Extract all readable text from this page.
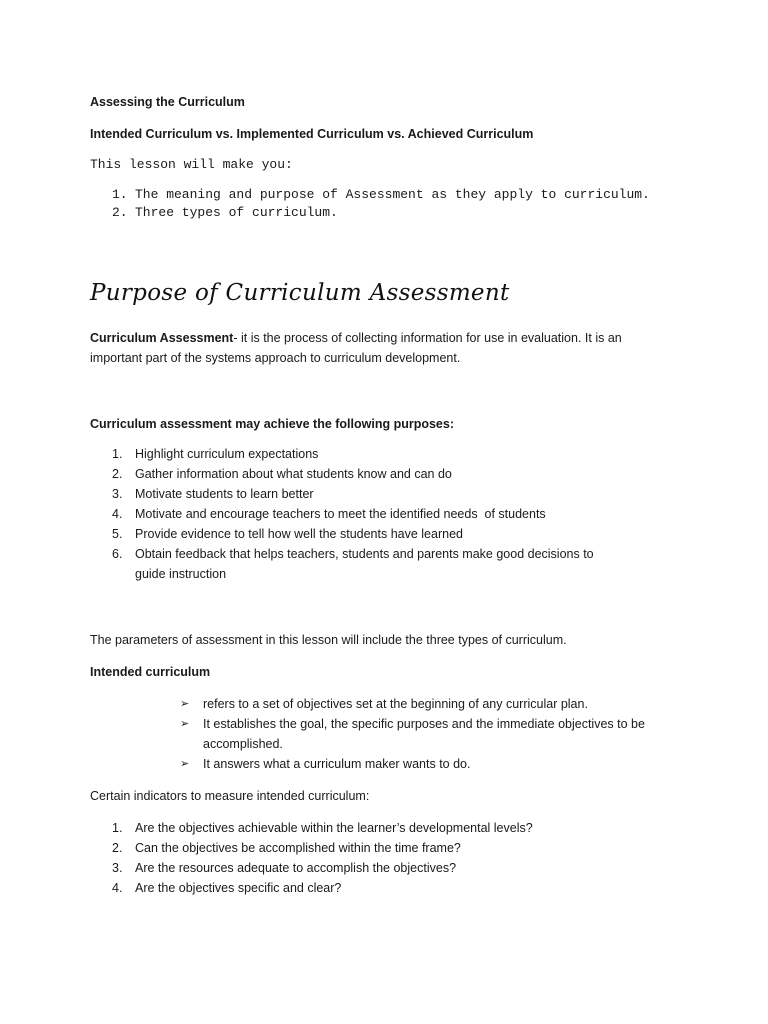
Assessing the Curriculum

Intended Curriculum vs. Implemented Curriculum vs. Achieved Curriculum

This lesson will make you:

1. The meaning and purpose of Assessment as they apply to curriculum.
2. Three types of curriculum.

Purpose of Curriculum Assessment

Curriculum Assessment- it is the process of collecting information for use in evaluation. It is an important part of the systems approach to curriculum development.

Curriculum assessment may achieve the following purposes:

1. Highlight curriculum expectations
2. Gather information about what students know and can do
3. Motivate students to learn better
4. Motivate and encourage teachers to meet the identified needs  of students
5. Provide evidence to tell how well the students have learned
6. Obtain feedback that helps teachers, students and parents make good decisions to guide instruction

The parameters of assessment in this lesson will include the three types of curriculum.

Intended curriculum

➢ refers to a set of objectives set at the beginning of any curricular plan.
➢ It establishes the goal, the specific purposes and the immediate objectives to be accomplished.
➢ It answers what a curriculum maker wants to do.

Certain indicators to measure intended curriculum:

1. Are the objectives achievable within the learner’s developmental levels?
2. Can the objectives be accomplished within the time frame?
3. Are the resources adequate to accomplish the objectives?
4. Are the objectives specific and clear?
